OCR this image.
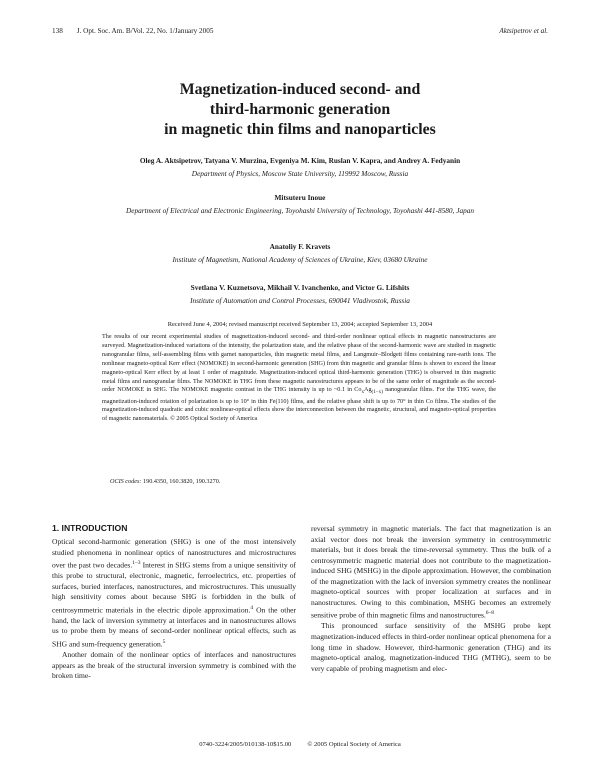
138 J. Opt. Soc. Am. B/Vol. 22, No. 1/January 2005	Aktsipetrov et al.
Magnetization-induced second- and
third-harmonic generation
in magnetic thin films and nanoparticles
Oleg A. Aktsipetrov, Tatyana V. Murzina, Evgeniya M. Kim, Ruslan V. Kapra, and Andrey A. Fedyanin
Department of Physics, Moscow State University, 119992 Moscow, Russia
Mitsuteru Inoue
Department of Electrical and Electronic Engineering, Toyohashi University of Technology, Toyohashi 441-8580, Japan
Anatoliy F. Kravets
Institute of Magnetism, National Academy of Sciences of Ukraine, Kiev, 03680 Ukraine
Svetlana V. Kuznetsova, Mikhail V. Ivanchenko, and Victor G. Lifshits
Institute of Automation and Control Processes, 690041 Vladivostok, Russia
Received June 4, 2004; revised manuscript received September 13, 2004; accepted September 13, 2004
The results of our recent experimental studies of magnetization-induced second- and third-order nonlinear optical effects in magnetic nanostructures are surveyed. Magnetization-induced variations of the intensity, the polarization state, and the relative phase of the second-harmonic wave are studied in magnetic nanogranular films, self-assembling films with garnet nanoparticles, thin magnetic metal films, and Langmuir–Blodgett films containing rare-earth ions. The nonlinear magneto-optical Kerr effect (NOMOKE) in second-harmonic generation (SHG) from thin magnetic and granular films is shown to exceed the linear magneto-optical Kerr effect by at least 1 order of magnitude. Magnetization-induced optical third-harmonic generation (THG) is observed in thin magnetic metal films and nanogranular films. The NOMOKE in THG from these magnetic nanostructures appears to be of the same order of magnitude as the second-order NOMOKE in SHG. The NOMOKE magnetic contrast in the THG intensity is up to ~0.1 in $Co_xAg_{(1-x)}$ nanogranular films. For the THG wave, the magnetization-induced rotation of polarization is up to 10° in thin Fe(110) films, and the relative phase shift is up to 70° in thin Co films. The studies of the magnetization-induced quadratic and cubic nonlinear-optical effects show the interconnection between the magnetic, structural, and magneto-optical properties of magnetic nanomaterials. © 2005 Optical Society of America
OCIS codes: 190.4350, 160.3820, 190.3270.
1. INTRODUCTION

Optical second-harmonic generation (SHG) is one of the most intensively studied phenomena in nonlinear optics of nanostructures and microstructures over the past two decades.$^{1-3}$ Interest in SHG stems from a unique sensitivity of this probe to structural, electronic, magnetic, ferroelectrics, etc. properties of surfaces, buried interfaces, nanostructures, and microstructures. This unusually high sensitivity comes about because SHG is forbidden in the bulk of centrosymmetric materials in the electric dipole approximation.$^4$ On the other hand, the lack of inversion symmetry at interfaces and in nanostructures allows us to probe them by means of second-order nonlinear optical effects, such as SHG and sum-frequency generation.$^5$

Another domain of the nonlinear optics of interfaces and nanostructures appears as the break of the structural inversion symmetry is combined with the broken time-

reversal symmetry in magnetic materials. The fact that magnetization is an axial vector does not break the inversion symmetry in centrosymmetric materials, but it does break the time-reversal symmetry. Thus the bulk of a centrosymmetric magnetic material does not contribute to the magnetization-induced SHG (MSHG) in the dipole approximation. However, the combination of the magnetization with the lack of inversion symmetry creates the nonlinear magneto-optical sources with proper localization at surfaces and in nanostructures. Owing to this combination, MSHG becomes an extremely sensitive probe of thin magnetic films and nanostructures.$^{6-8}$

This pronounced surface sensitivity of the MSHG probe kept magnetization-induced effects in third-order nonlinear optical phenomena for a long time in shadow. However, third-harmonic generation (THG) and its magneto-optical analog, magnetization-induced THG (MTHG), seem to be very capable of probing magnetism and elec-

0740-3224/2005/010138-10$15.00 © 2005 Optical Society of America
